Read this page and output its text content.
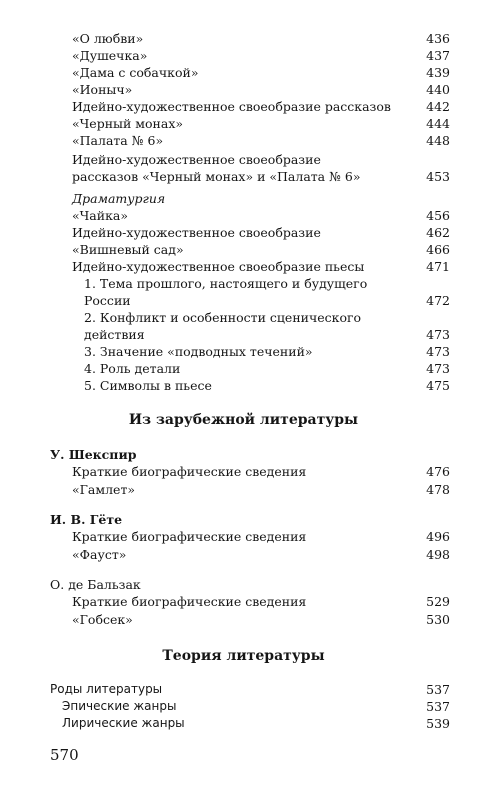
«О любви»	436
«Душечка»	437
«Дама с собачкой»	439
«Ионыч»	440
Идейно-художественное своеобразие рассказов	442
«Черный монах»	444
«Палата № 6»	448
Идейно-художественное своеобразие
рассказов «Черный монах» и «Палата № 6»	453
Драматургия
«Чайка»	456
Идейно-художественное своеобразие	462
«Вишневый сад»	466
Идейно-художественное своеобразие пьесы	471
1. Тема прошлого, настоящего и будущего
России	472
2. Конфликт и особенности сценического
действия	473
3. Значение «подводных течений»	473
4. Роль детали	473
5. Символы в пьесе	475
Из зарубежной литературы
У. Шекспир
Краткие биографические сведения	476
«Гамлет»	478
И. В. Гёте
Краткие биографические сведения	496
«Фауст»	498
О. де Бальзак
Краткие биографические сведения	529
«Гобсек»	530
Теория литературы
Роды литературы	537
Эпические жанры	537
Лирические жанры	539
570
